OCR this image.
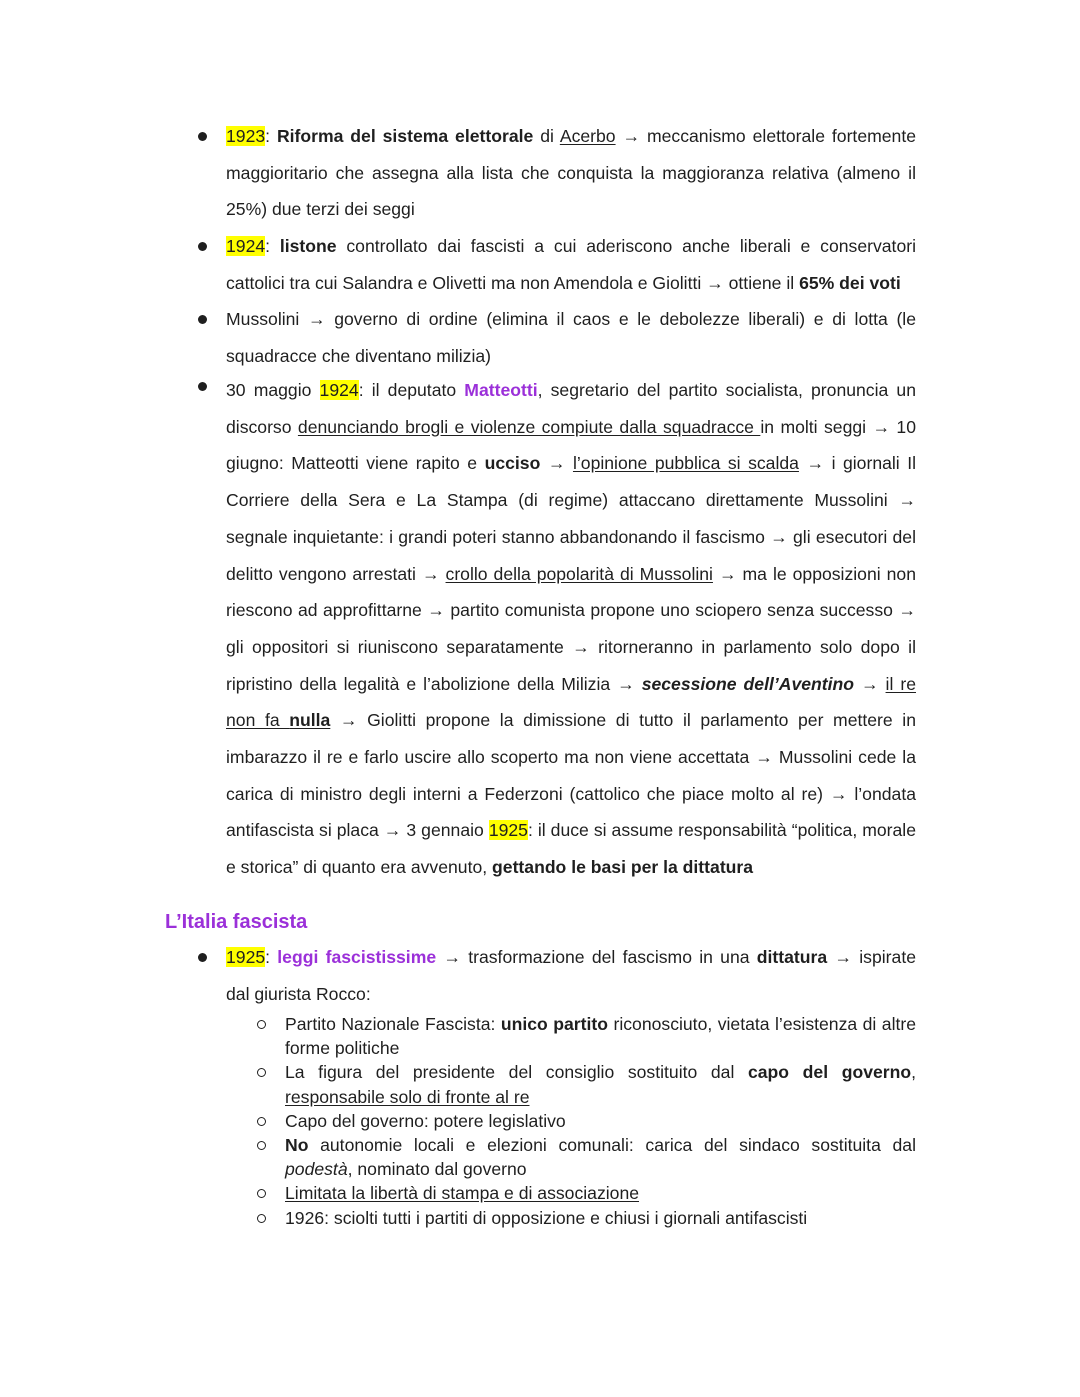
1923: Riforma del sistema elettorale di Acerbo → meccanismo elettorale fortemente maggioritario che assegna alla lista che conquista la maggioranza relativa (almeno il 25%) due terzi dei seggi
1924: listone controllato dai fascisti a cui aderiscono anche liberali e conservatori cattolici tra cui Salandra e Olivetti ma non Amendola e Giolitti → ottiene il 65% dei voti
Mussolini → governo di ordine (elimina il caos e le debolezze liberali) e di lotta (le squadracce che diventano milizia)
30 maggio 1924: il deputato Matteotti, segretario del partito socialista, pronuncia un discorso denunciando brogli e violenze compiute dalla squadracce in molti seggi → 10 giugno: Matteotti viene rapito e ucciso → l’opinione pubblica si scalda → i giornali Il Corriere della Sera e La Stampa (di regime) attaccano direttamente Mussolini → segnale inquietante: i grandi poteri stanno abbandonando il fascismo → gli esecutori del delitto vengono arrestati → crollo della popolarità di Mussolini → ma le opposizioni non riescono ad approfittarne → partito comunista propone uno sciopero senza successo → gli oppositori si riuniscono separatamente → ritorneranno in parlamento solo dopo il ripristino della legalità e l’abolizione della Milizia → secessione dell’Aventino → il re non fa nulla → Giolitti propone la dimissione di tutto il parlamento per mettere in imbarazzo il re e farlo uscire allo scoperto ma non viene accettata → Mussolini cede la carica di ministro degli interni a Federzoni (cattolico che piace molto al re) → l’ondata antifascista si placa → 3 gennaio 1925: il duce si assume responsabilità “politica, morale e storica” di quanto era avvenuto, gettando le basi per la dittatura
L’Italia fascista
1925: leggi fascistissime → trasformazione del fascismo in una dittatura → ispirate dal giurista Rocco:
Partito Nazionale Fascista: unico partito riconosciuto, vietata l’esistenza di altre forme politiche
La figura del presidente del consiglio sostituito dal capo del governo, responsabile solo di fronte al re
Capo del governo: potere legislativo
No autonomie locali e elezioni comunali: carica del sindaco sostituita dal podestà, nominato dal governo
Limitata la libertà di stampa e di associazione
1926: sciolti tutti i partiti di opposizione e chiusi i giornali antifascisti
